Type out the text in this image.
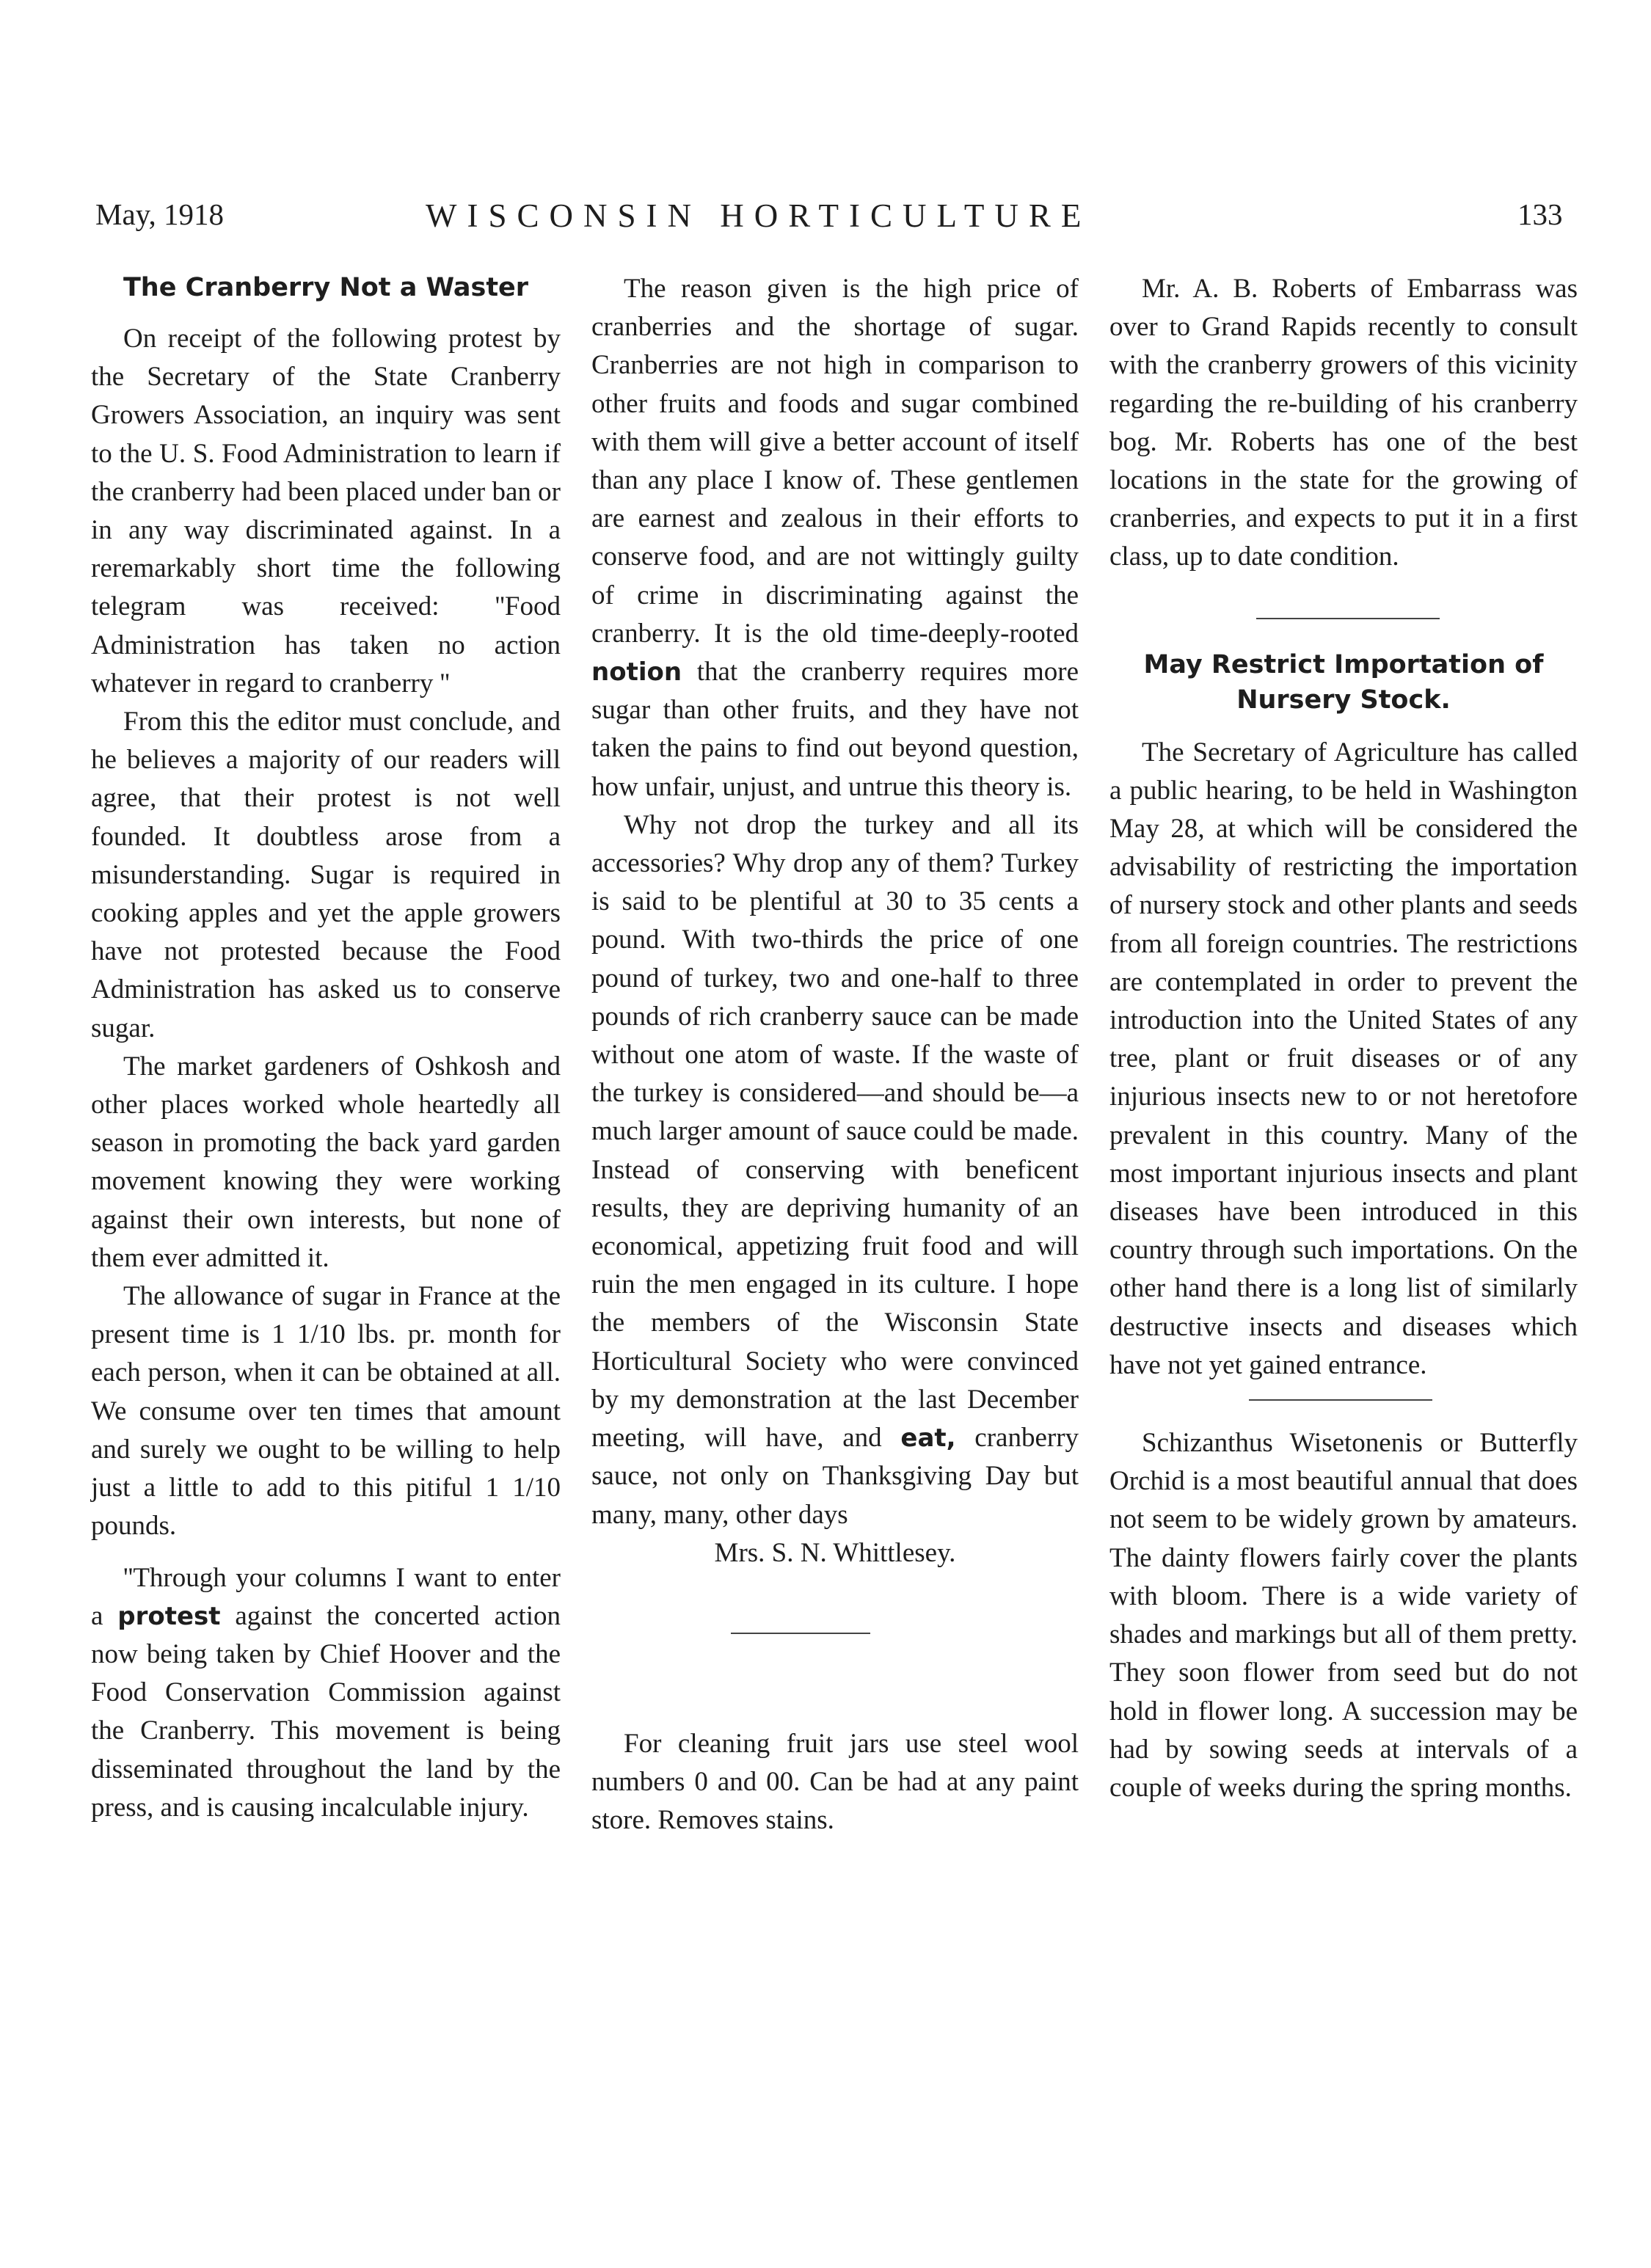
May, 1918	WISCONSIN HORTICULTURE	133
The Cranberry Not a Waster

On receipt of the following protest by the Secretary of the State Cranberry Growers Association, an inquiry was sent to the U. S. Food Administration to learn if the cranberry had been placed under ban or in any way discriminated against. In a reremarkably short time the following telegram was received: ''Food Administration has taken no action whatever in regard to cranberry ''

From this the editor must conclude, and he believes a majority of our readers will agree, that their protest is not well founded. It doubtless arose from a misunderstanding. Sugar is required in cooking apples and yet the apple growers have not protested because the Food Administration has asked us to conserve sugar.

The market gardeners of Oshkosh and other places worked whole heartedly all season in promoting the back yard garden movement knowing they were working against their own interests, but none of them ever admitted it.

The allowance of sugar in France at the present time is 1 1/10 lbs. pr. month for each person, when it can be obtained at all. We consume over ten times that amount and surely we ought to be willing to help just a little to add to this pitiful 1 1/10 pounds.

''Through your columns I want to enter a protest against the concerted action now being taken by Chief Hoover and the Food Conservation Commission against the Cranberry. This movement is being disseminated throughout the land by the press, and is causing incalculable injury.

The reason given is the high price of cranberries and the shortage of sugar. Cranberries are not high in comparison to other fruits and foods and sugar combined with them will give a better account of itself than any place I know of. These gentlemen are earnest and zealous in their efforts to conserve food, and are not wittingly guilty of crime in discriminating against the cranberry. It is the old time-deeply-rooted notion that the cranberry requires more sugar than other fruits, and they have not taken the pains to find out beyond question, how unfair, unjust, and untrue this theory is.

Why not drop the turkey and all its accessories? Why drop any of them? Turkey is said to be plentiful at 30 to 35 cents a pound. With two-thirds the price of one pound of turkey, two and one-half to three pounds of rich cranberry sauce can be made without one atom of waste. If the waste of the turkey is considered—and should be—a much larger amount of sauce could be made. Instead of conserving with beneficent results, they are depriving humanity of an economical, appetizing fruit food and will ruin the men engaged in its culture. I hope the members of the Wisconsin State Horticultural Society who were convinced by my demonstration at the last December meeting, will have, and eat, cranberry sauce, not only on Thanksgiving Day but many, many, other days

Mrs. S. N. Whittlesey.

For cleaning fruit jars use steel wool numbers 0 and 00. Can be had at any paint store. Removes stains.

Mr. A. B. Roberts of Embarrass was over to Grand Rapids recently to consult with the cranberry growers of this vicinity regarding the re-building of his cranberry bog. Mr. Roberts has one of the best locations in the state for the growing of cranberries, and expects to put it in a first class, up to date condition.

May Restrict Importation of Nursery Stock.

The Secretary of Agriculture has called a public hearing, to be held in Washington May 28, at which will be considered the advisability of restricting the importation of nursery stock and other plants and seeds from all foreign countries. The restrictions are contemplated in order to prevent the introduction into the United States of any tree, plant or fruit diseases or of any injurious insects new to or not heretofore prevalent in this country. Many of the most important injurious insects and plant diseases have been introduced in this country through such importations. On the other hand there is a long list of similarly destructive insects and diseases which have not yet gained entrance.

Schizanthus Wisetonenis or Butterfly Orchid is a most beautiful annual that does not seem to be widely grown by amateurs. The dainty flowers fairly cover the plants with bloom. There is a wide variety of shades and markings but all of them pretty. They soon flower from seed but do not hold in flower long. A succession may be had by sowing seeds at intervals of a couple of weeks during the spring months.
